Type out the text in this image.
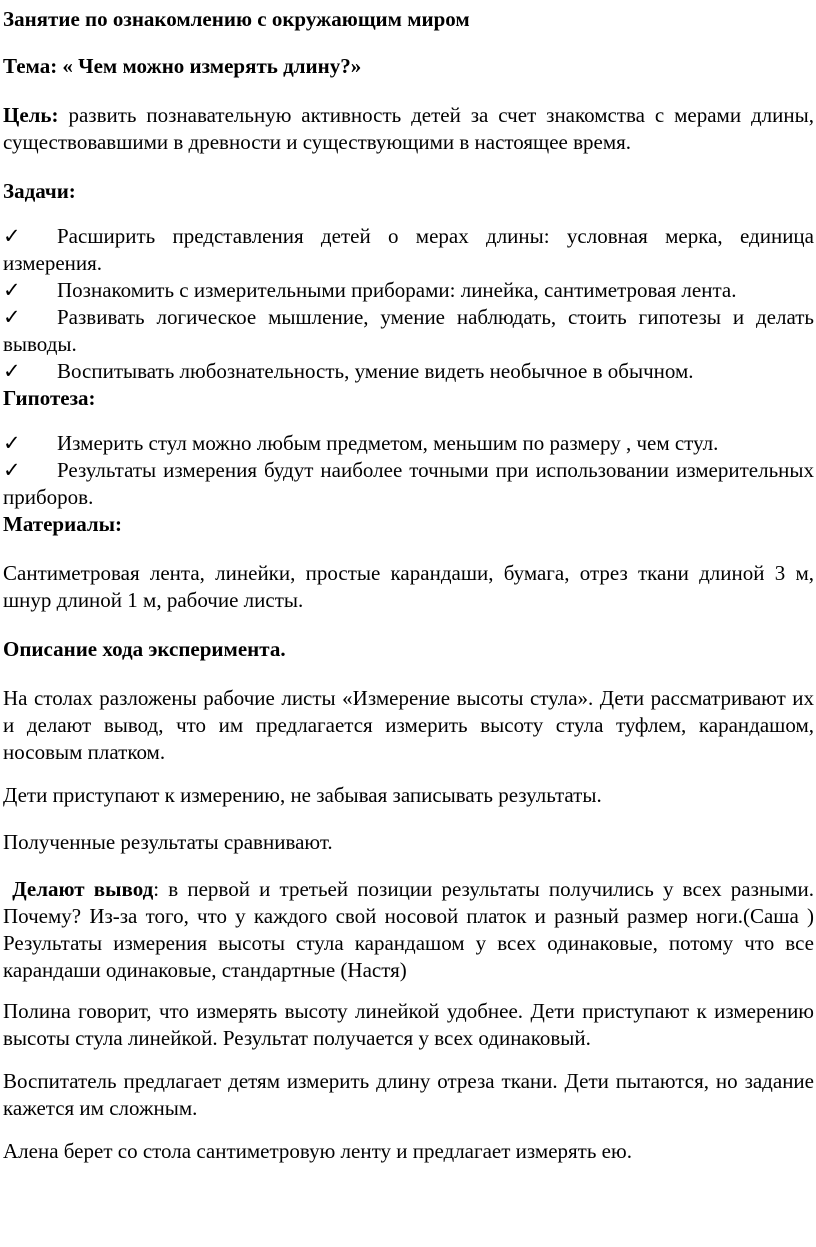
Занятие по ознакомлению с окружающим миром

Тема: « Чем можно измерять длину?»

Цель: развить познавательную активность детей за счет знакомства с мерами длины, существовавшими в древности и существующими в настоящее время.

Задачи:

✓ Расширить представления детей о мерах длины: условная мерка, единица измерения.

✓ Познакомить с измерительными приборами: линейка, сантиметровая лента.

✓ Развивать логическое мышление, умение наблюдать, стоить гипотезы и делать выводы.

✓ Воспитывать любознательность, умение видеть необычное в обычном.

Гипотеза:

✓ Измерить стул можно любым предметом, меньшим по размеру , чем стул.

✓ Результаты измерения будут наиболее точными при использовании измерительных приборов.

Материалы:

Сантиметровая лента, линейки, простые карандаши, бумага, отрез ткани длиной 3 м, шнур длиной 1 м, рабочие листы.

Описание хода эксперимента.

На столах разложены рабочие листы «Измерение высоты стула». Дети рассматривают их и делают вывод, что им предлагается измерить высоту стула туфлем, карандашом, носовым платком.

Дети приступают к измерению, не забывая записывать результаты.

Полученные результаты сравнивают.

Делают вывод: в первой и третьей позиции результаты получились у всех разными. Почему? Из-за того, что у каждого свой носовой платок и разный размер ноги.(Саша ) Результаты измерения высоты стула карандашом у всех одинаковые, потому что все карандаши одинаковые, стандартные (Настя)

Полина говорит, что измерять высоту линейкой удобнее. Дети приступают к измерению высоты стула линейкой. Результат получается у всех одинаковый.

Воспитатель предлагает детям измерить длину отреза ткани. Дети пытаются, но задание кажется им сложным.

Алена берет со стола сантиметровую ленту и предлагает измерять ею.
